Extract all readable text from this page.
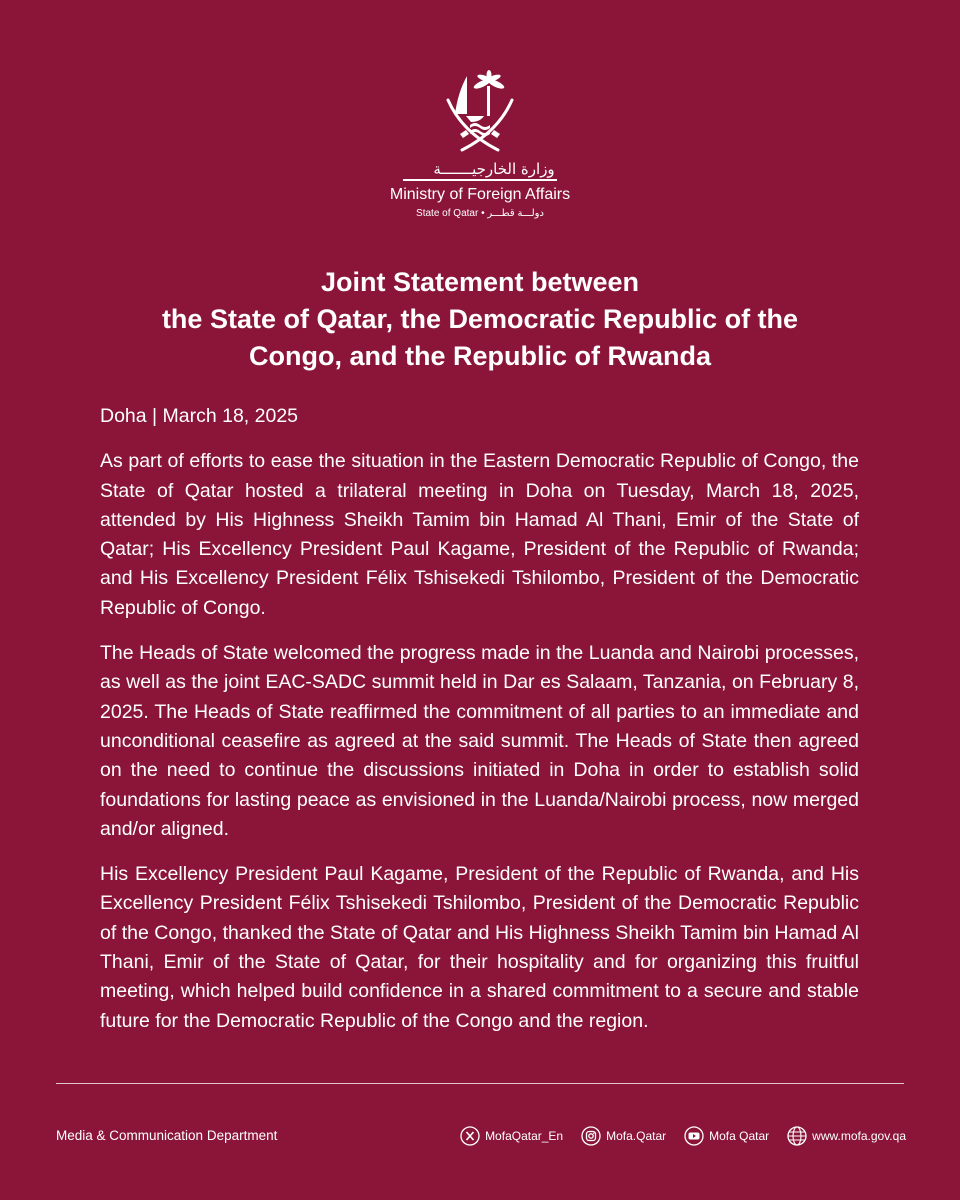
وزارة الخارجيـــــــة
Ministry of Foreign Affairs
State of Qatar • دولـــة قطـــر
Joint Statement between
the State of Qatar, the Democratic Republic of the
Congo, and the Republic of Rwanda

Doha | March 18, 2025

As part of efforts to ease the situation in the Eastern Democratic Republic of Congo, the State of Qatar hosted a trilateral meeting in Doha on Tuesday, March 18, 2025, attended by His Highness Sheikh Tamim bin Hamad Al Thani, Emir of the State of Qatar; His Excellency President Paul Kagame, President of the Republic of Rwanda; and His Excellency President Félix Tshisekedi Tshilombo, President of the Democratic Republic of Congo.

The Heads of State welcomed the progress made in the Luanda and Nairobi processes, as well as the joint EAC-SADC summit held in Dar es Salaam, Tanzania, on February 8, 2025. The Heads of State reaffirmed the commitment of all parties to an immediate and unconditional ceasefire as agreed at the said summit. The Heads of State then agreed on the need to continue the discussions initiated in Doha in order to establish solid foundations for lasting peace as envisioned in the Luanda/Nairobi process, now merged and/or aligned.

His Excellency President Paul Kagame, President of the Republic of Rwanda, and His Excellency President Félix Tshisekedi Tshilombo, President of the Democratic Republic of the Congo, thanked the State of Qatar and His Highness Sheikh Tamim bin Hamad Al Thani, Emir of the State of Qatar, for their hospitality and for organizing this fruitful meeting, which helped build confidence in a shared commitment to a secure and stable future for the Democratic Republic of the Congo and the region.

Media & Communication Department	MofaQatar_En	Mofa.Qatar	Mofa Qatar	www.mofa.gov.qa
